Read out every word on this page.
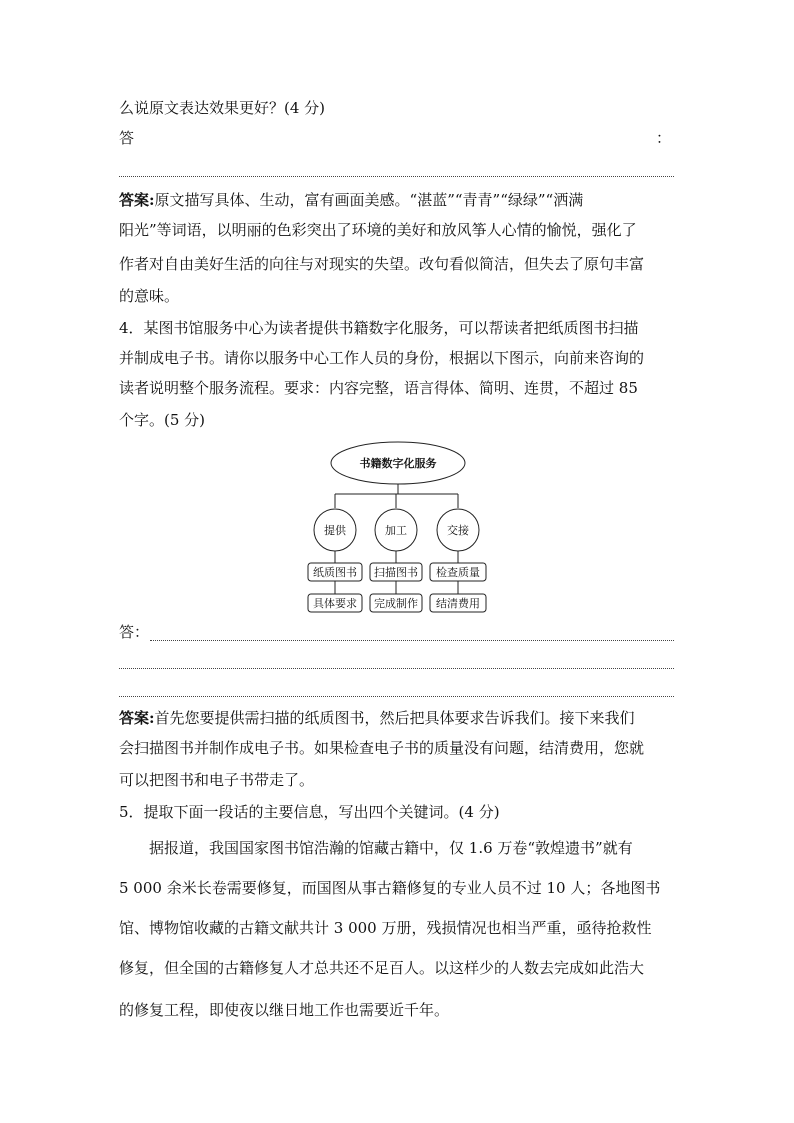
么说原文表达效果更好？(4 分)
答	：
答案:原文描写具体、生动，富有画面美感。“湛蓝”“青青”“绿绿”“洒满
阳光”等词语，以明丽的色彩突出了环境的美好和放风筝人心情的愉悦，强化了
作者对自由美好生活的向往与对现实的失望。改句看似简洁，但失去了原句丰富
的意味。
4．某图书馆服务中心为读者提供书籍数字化服务，可以帮读者把纸质图书扫描
并制成电子书。请你以服务中心工作人员的身份，根据以下图示，向前来咨询的
读者说明整个服务流程。要求：内容完整，语言得体、简明、连贯，不超过 85
个字。(5 分)
书籍数字化服务
提供	加工	交接
纸质图书 扫描图书 检查质量
具体要求 完成制作 结清费用
答：
答案:首先您要提供需扫描的纸质图书，然后把具体要求告诉我们。接下来我们
会扫描图书并制作成电子书。如果检查电子书的质量没有问题，结清费用，您就
可以把图书和电子书带走了。
5．提取下面一段话的主要信息，写出四个关键词。(4 分)
据报道，我国国家图书馆浩瀚的馆藏古籍中，仅 1.6 万卷“敦煌遗书”就有
5 000 余米长卷需要修复，而国图从事古籍修复的专业人员不过 10 人；各地图书
馆、博物馆收藏的古籍文献共计 3 000 万册，残损情况也相当严重，亟待抢救性
修复，但全国的古籍修复人才总共还不足百人。以这样少的人数去完成如此浩大
的修复工程，即使夜以继日地工作也需要近千年。
